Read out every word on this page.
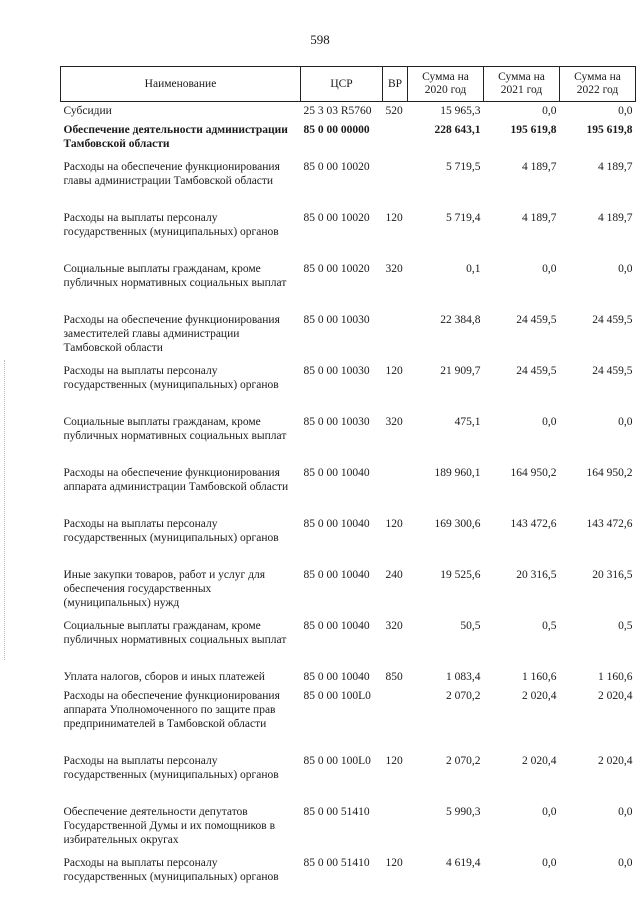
598
Наименование	ЦСР	ВР	Сумма на 2020 год	Сумма на 2021 год	Сумма на 2022 год
Субсидии	25 3 03 R5760	520	15 965,3	0,0	0,0
Обеспечение деятельности администрации Тамбовской области	85 0 00 00000		228 643,1	195 619,8	195 619,8
Расходы на обеспечение функционирования главы администрации Тамбовской области	85 0 00 10020		5 719,5	4 189,7	4 189,7
Расходы на выплаты персоналу государственных (муниципальных) органов	85 0 00 10020	120	5 719,4	4 189,7	4 189,7
Социальные выплаты гражданам, кроме публичных нормативных социальных выплат	85 0 00 10020	320	0,1	0,0	0,0
Расходы на обеспечение функционирования заместителей главы администрации Тамбовской области	85 0 00 10030		22 384,8	24 459,5	24 459,5
Расходы на выплаты персоналу государственных (муниципальных) органов	85 0 00 10030	120	21 909,7	24 459,5	24 459,5
Социальные выплаты гражданам, кроме публичных нормативных социальных выплат	85 0 00 10030	320	475,1	0,0	0,0
Расходы на обеспечение функционирования аппарата администрации Тамбовской области	85 0 00 10040		189 960,1	164 950,2	164 950,2
Расходы на выплаты персоналу государственных (муниципальных) органов	85 0 00 10040	120	169 300,6	143 472,6	143 472,6
Иные закупки товаров, работ и услуг для обеспечения государственных (муниципальных) нужд	85 0 00 10040	240	19 525,6	20 316,5	20 316,5
Социальные выплаты гражданам, кроме публичных нормативных социальных выплат	85 0 00 10040	320	50,5	0,5	0,5
Уплата налогов, сборов и иных платежей	85 0 00 10040	850	1 083,4	1 160,6	1 160,6
Расходы на обеспечение функционирования аппарата Уполномоченного по защите прав предпринимателей в Тамбовской области	85 0 00 100L0		2 070,2	2 020,4	2 020,4
Расходы на выплаты персоналу государственных (муниципальных) органов	85 0 00 100L0	120	2 070,2	2 020,4	2 020,4
Обеспечение деятельности депутатов Государственной Думы и их помощников в избирательных округах	85 0 00 51410		5 990,3	0,0	0,0
Расходы на выплаты персоналу государственных (муниципальных) органов	85 0 00 51410	120	4 619,4	0,0	0,0
